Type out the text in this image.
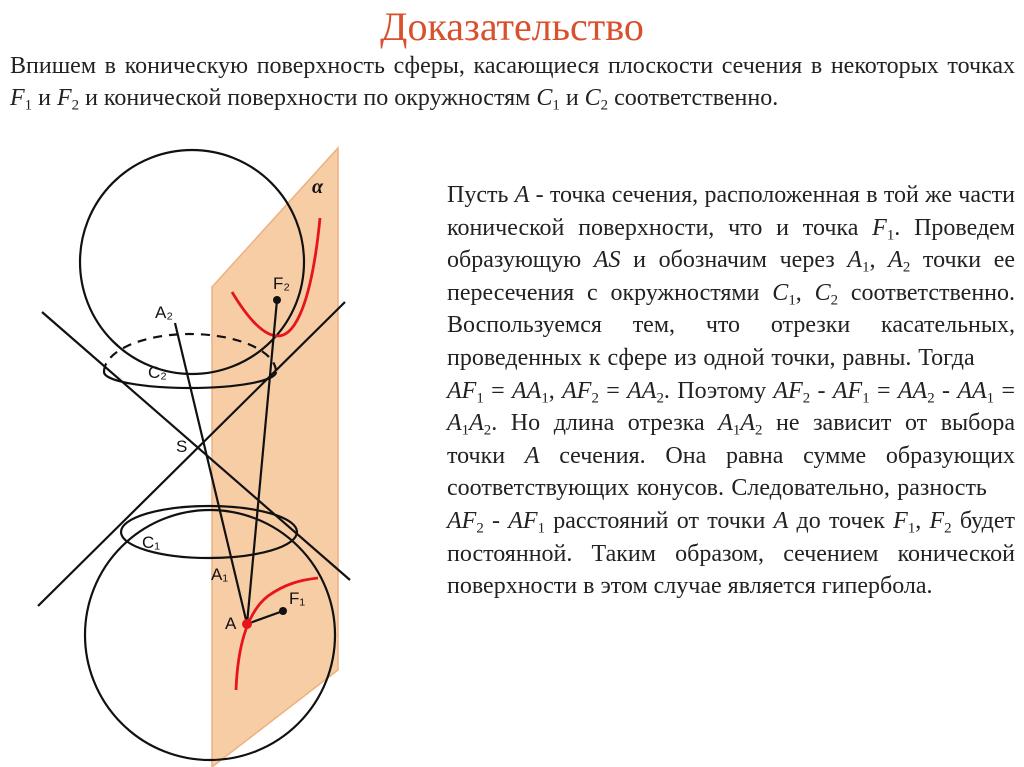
Доказательство
Впишем в коническую поверхность сферы, касающиеся плоскости сечения в некоторых точках $F_1$ и $F_2$ и конической поверхности по окружностям $C_1$ и $C_2$ соответственно.
α
F₂
A₂
C₂
S
C₁
A₁
F₁
A

Пусть A - точка сечения, расположенная в той же части конической поверхности, что и точка $F_1$. Проведем образующую AS и обозначим через $A_1$, $A_2$ точки ее пересечения с окружностями $C_1$, $C_2$ соответственно. Воспользуемся тем, что отрезки касательных, проведенных к сфере из одной точки, равны. Тогда       $AF_1 = AA_1$, $AF_2 = AA_2$. Поэтому $AF_2 - AF_1 = AA_2 - AA_1 = A_1A_2$. Но длина отрезка $A_1A_2$ не зависит от выбора точки A сечения. Она равна сумме образующих соответствующих конусов. Следовательно, разность     $AF_2 - AF_1$ расстояний от точки A до точек $F_1$, $F_2$ будет постоянной. Таким образом, сечением конической поверхности в этом случае является гипербола.
